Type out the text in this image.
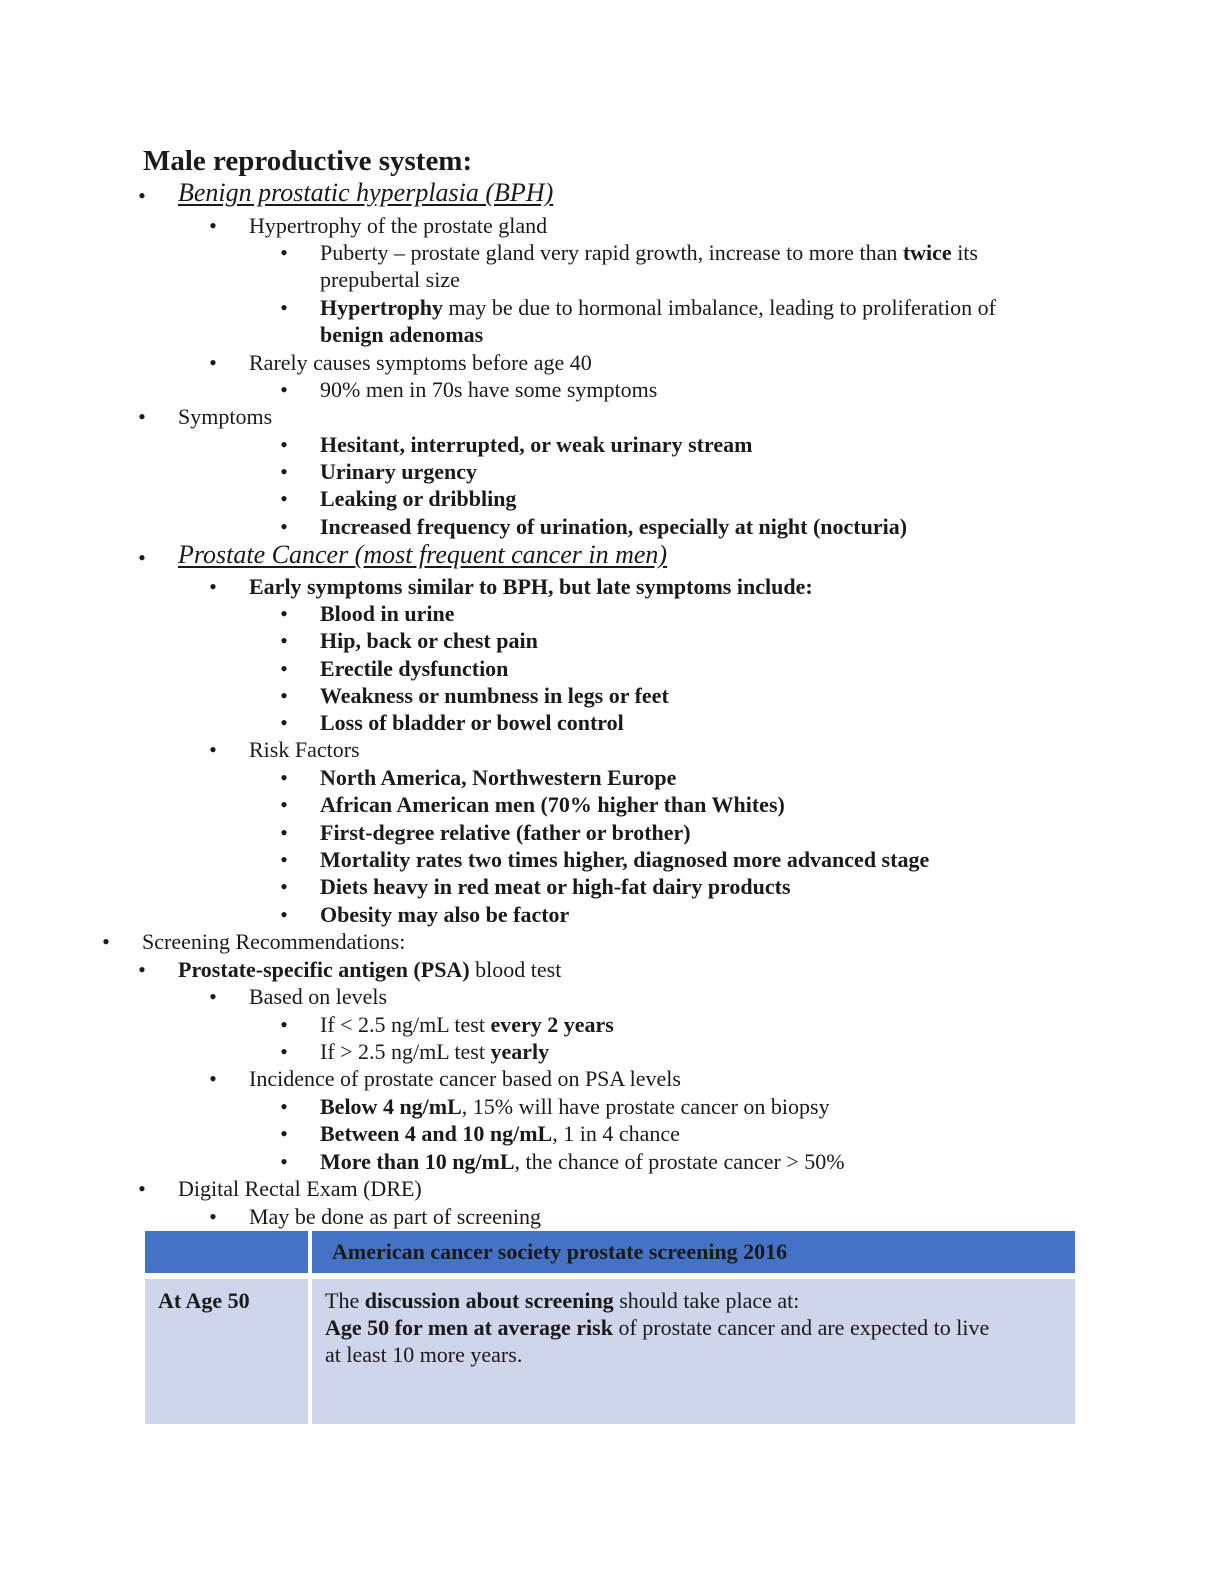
Male reproductive system:
• Benign prostatic hyperplasia (BPH)
• Hypertrophy of the prostate gland
• Puberty – prostate gland very rapid growth, increase to more than twice its
prepubertal size
• Hypertrophy may be due to hormonal imbalance, leading to proliferation of
benign adenomas
• Rarely causes symptoms before age 40
• 90% men in 70s have some symptoms
• Symptoms
• Hesitant, interrupted, or weak urinary stream
• Urinary urgency
• Leaking or dribbling
• Increased frequency of urination, especially at night (nocturia)
• Prostate Cancer (most frequent cancer in men)
• Early symptoms similar to BPH, but late symptoms include:
• Blood in urine
• Hip, back or chest pain
• Erectile dysfunction
• Weakness or numbness in legs or feet
• Loss of bladder or bowel control
• Risk Factors
• North America, Northwestern Europe
• African American men (70% higher than Whites)
• First-degree relative (father or brother)
• Mortality rates two times higher, diagnosed more advanced stage
• Diets heavy in red meat or high-fat dairy products
• Obesity may also be factor
• Screening Recommendations:
• Prostate-specific antigen (PSA) blood test
• Based on levels
• If < 2.5 ng/mL test every 2 years
• If > 2.5 ng/mL test yearly
• Incidence of prostate cancer based on PSA levels
• Below 4 ng/mL, 15% will have prostate cancer on biopsy
• Between 4 and 10 ng/mL, 1 in 4 chance
• More than 10 ng/mL, the chance of prostate cancer > 50%
• Digital Rectal Exam (DRE)
• May be done as part of screening
American cancer society prostate screening 2016
At Age 50	The discussion about screening should take place at:
Age 50 for men at average risk of prostate cancer and are expected to live
at least 10 more years.
